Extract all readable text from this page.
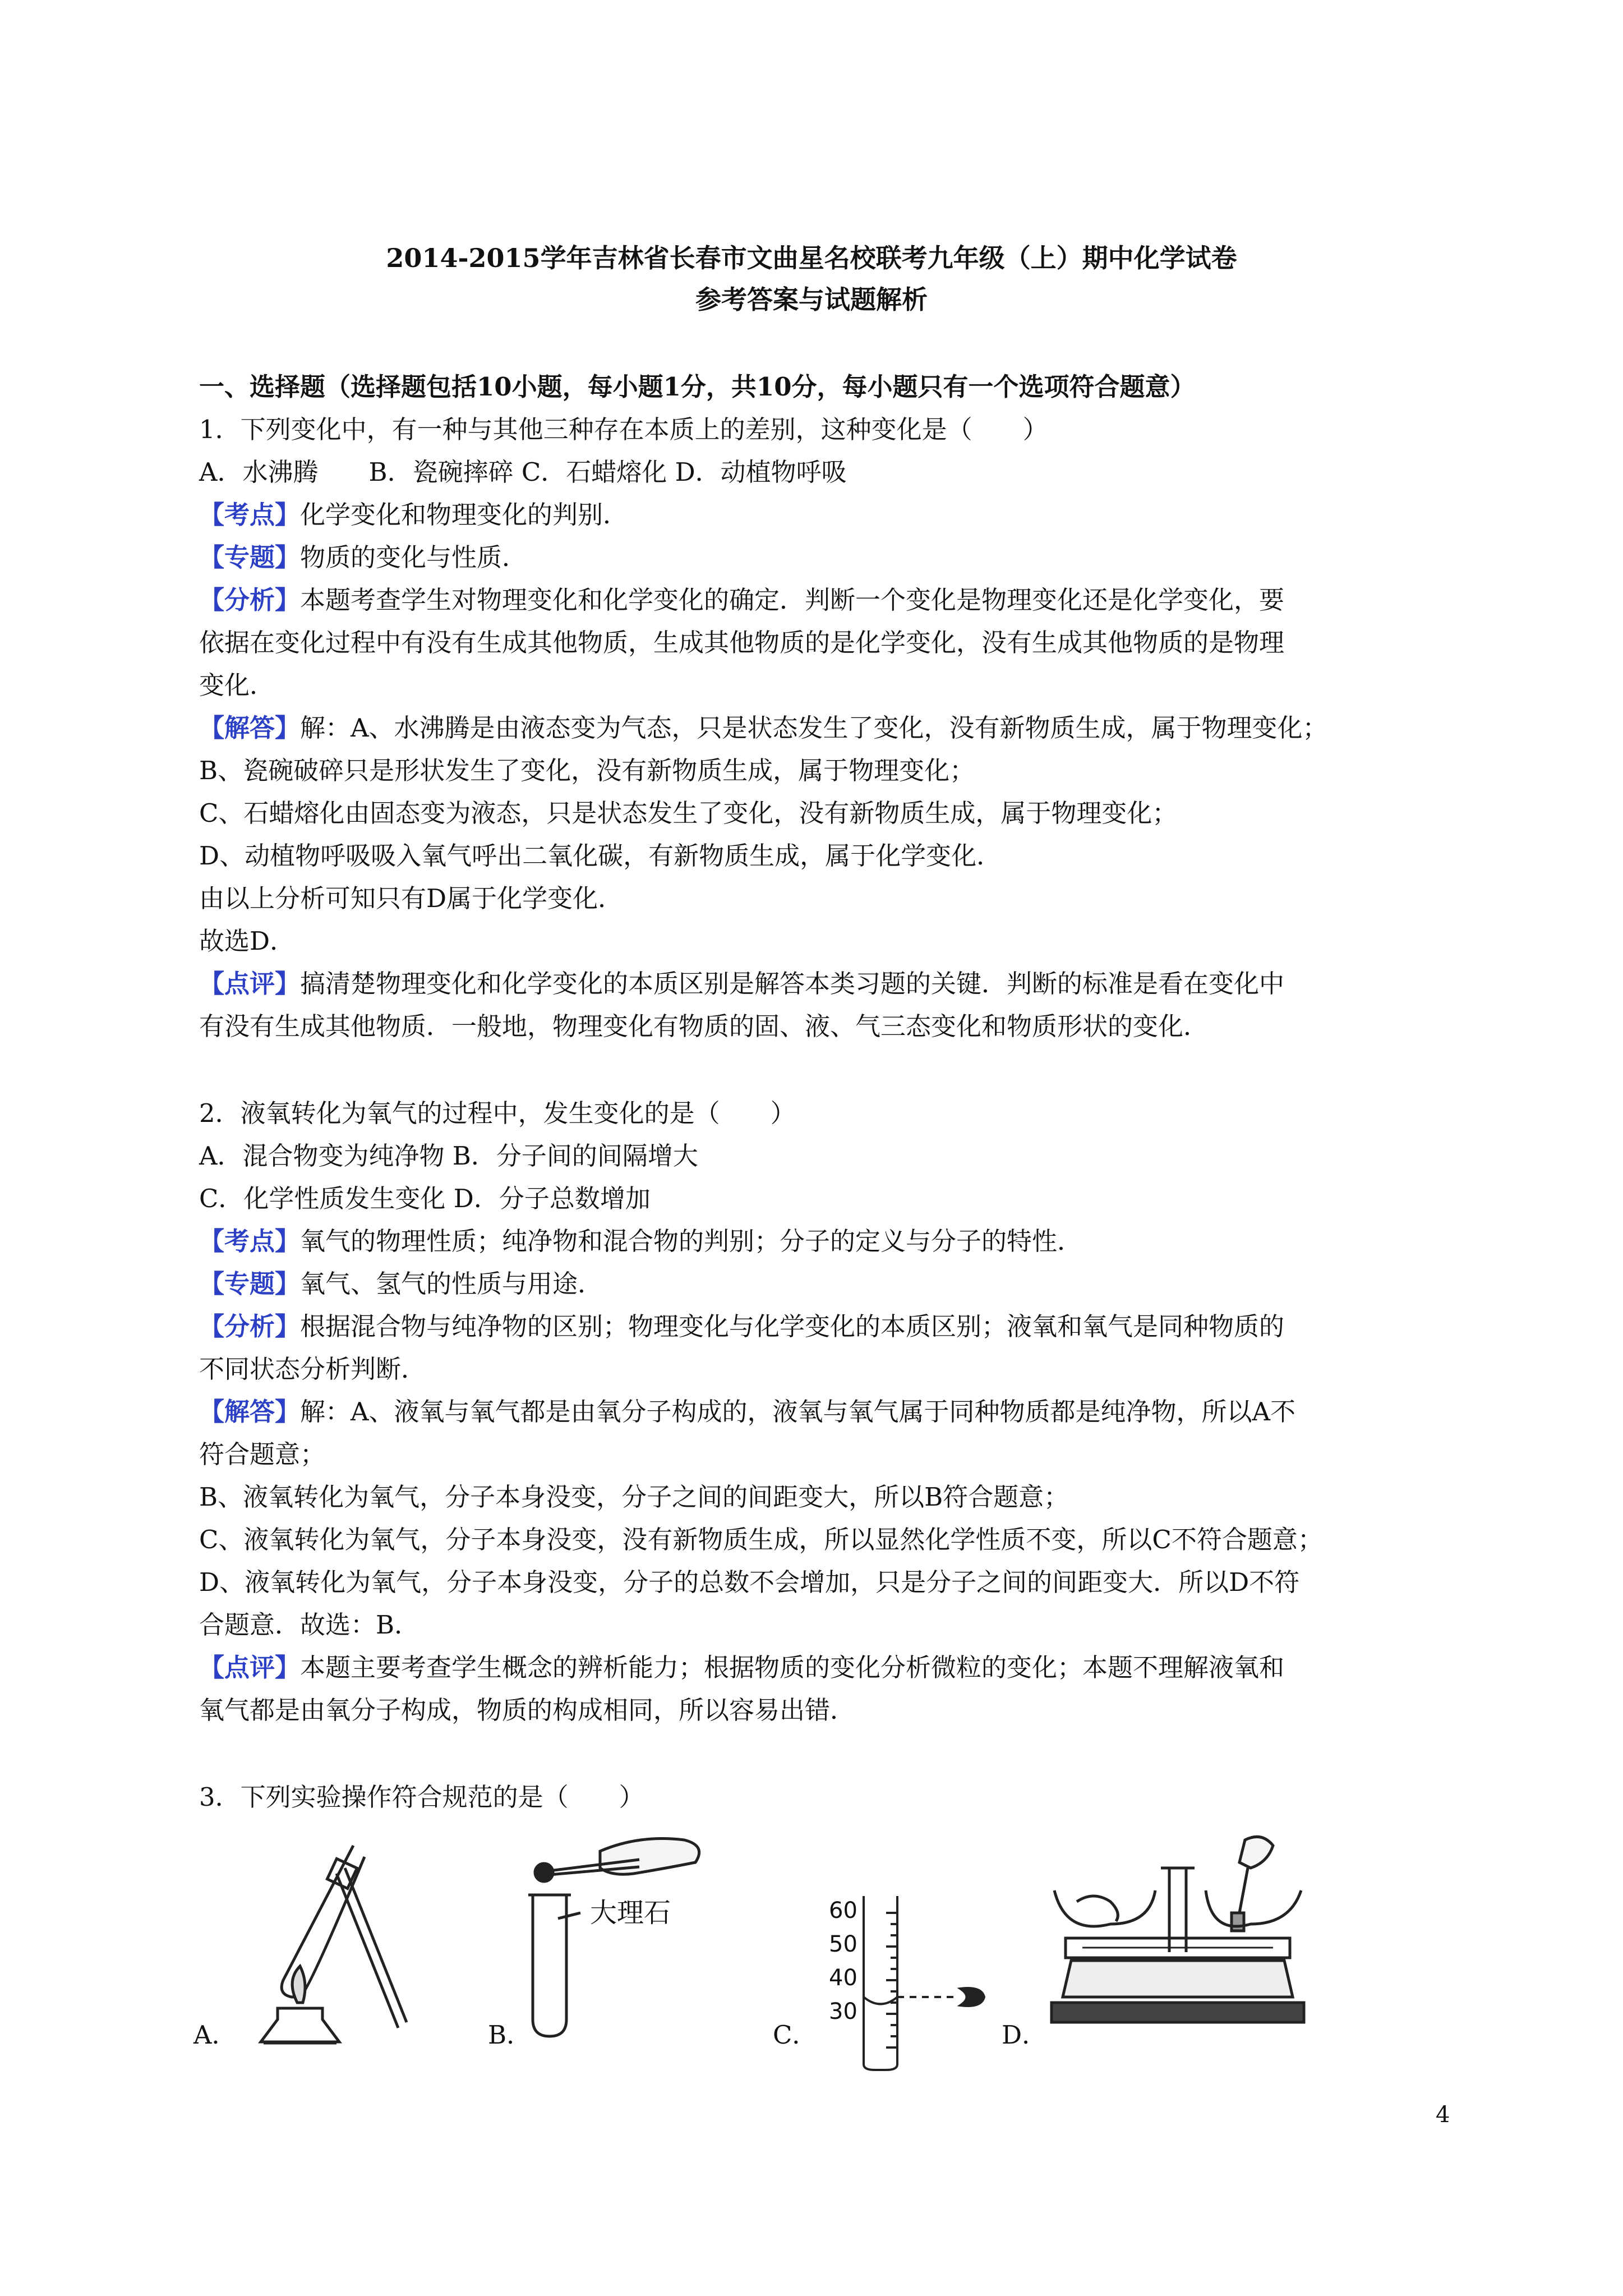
2014-2015学年吉林省长春市文曲星名校联考九年级（上）期中化学试卷
参考答案与试题解析
一、选择题（选择题包括10小题，每小题1分，共10分，每小题只有一个选项符合题意）
1．下列变化中，有一种与其他三种存在本质上的差别，这种变化是（　　）
A．水沸腾　　B．瓷碗摔碎 C．石蜡熔化 D．动植物呼吸
【考点】化学变化和物理变化的判别．
【专题】物质的变化与性质．
【分析】本题考查学生对物理变化和化学变化的确定．判断一个变化是物理变化还是化学变化，要
依据在变化过程中有没有生成其他物质，生成其他物质的是化学变化，没有生成其他物质的是物理
变化．
【解答】解：A、水沸腾是由液态变为气态，只是状态发生了变化，没有新物质生成，属于物理变化；
B、瓷碗破碎只是形状发生了变化，没有新物质生成，属于物理变化；
C、石蜡熔化由固态变为液态，只是状态发生了变化，没有新物质生成，属于物理变化；
D、动植物呼吸吸入氧气呼出二氧化碳，有新物质生成，属于化学变化．
由以上分析可知只有D属于化学变化．
故选D．
【点评】搞清楚物理变化和化学变化的本质区别是解答本类习题的关键．判断的标准是看在变化中
有没有生成其他物质．一般地，物理变化有物质的固、液、气三态变化和物质形状的变化．
2．液氧转化为氧气的过程中，发生变化的是（　　）
A．混合物变为纯净物 B．分子间的间隔增大
C．化学性质发生变化 D．分子总数增加
【考点】氧气的物理性质；纯净物和混合物的判别；分子的定义与分子的特性．
【专题】氧气、氢气的性质与用途．
【分析】根据混合物与纯净物的区别；物理变化与化学变化的本质区别；液氧和氧气是同种物质的
不同状态分析判断．
【解答】解：A、液氧与氧气都是由氧分子构成的，液氧与氧气属于同种物质都是纯净物，所以A不
符合题意；
B、液氧转化为氧气，分子本身没变，分子之间的间距变大，所以B符合题意；
C、液氧转化为氧气，分子本身没变，没有新物质生成，所以显然化学性质不变，所以C不符合题意；
D、液氧转化为氧气，分子本身没变，分子的总数不会增加，只是分子之间的间距变大．所以D不符
合题意．故选：B．
【点评】本题主要考查学生概念的辨析能力；根据物质的变化分析微粒的变化；本题不理解液氧和
氧气都是由氧分子构成，物质的构成相同，所以容易出错．
3．下列实验操作符合规范的是（　　）
A．
大理石
B．
60
50
40
30
C．	D．
4
